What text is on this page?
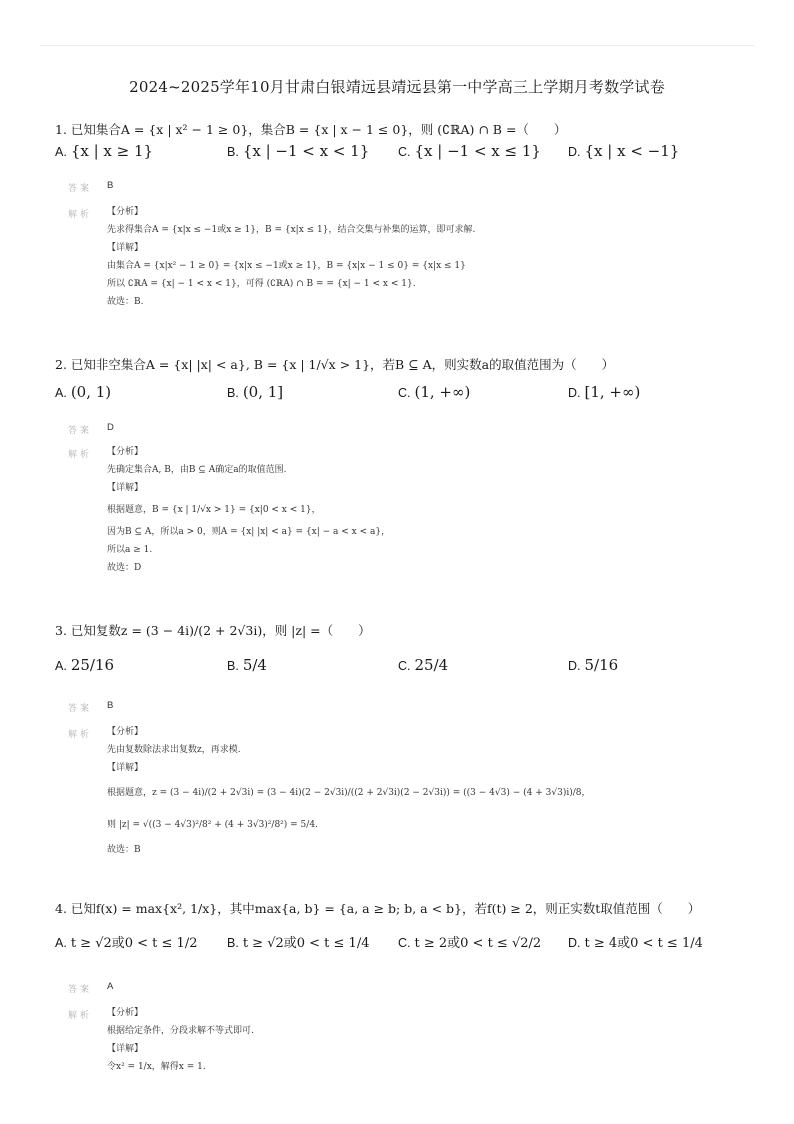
2024~2025学年10月甘肃白银靖远县靖远县第一中学高三上学期月考数学试卷
1. 已知集合A = {x | x² − 1 ≥ 0}，集合B = {x | x − 1 ≤ 0}，则 (∁ℝA) ∩ B =（　　）
A. {x | x ≥ 1}	B. {x | −1 < x < 1} C. {x | −1 < x ≤ 1} D. {x | x < −1}
答案 B
解析 【分析】
先求得集合A = {x|x ≤ −1或x ≥ 1}，B = {x|x ≤ 1}，结合交集与补集的运算，即可求解.
【详解】
由集合A = {x|x² − 1 ≥ 0} = {x|x ≤ −1或x ≥ 1}，B = {x|x − 1 ≤ 0} = {x|x ≤ 1}
所以 ∁ℝA = {x| − 1 < x < 1}，可得 (∁ℝA) ∩ B = = {x| − 1 < x < 1}.
故选：B.
2. 已知非空集合A = {x| |x| < a}, B = {x | 1/√x > 1}，若B ⊆ A，则实数a的取值范围为（　　）
A. (0, 1)	B. (0, 1]	C. (1, +∞)	D. [1, +∞)
答案 D
解析 【分析】
先确定集合A, B，由B ⊆ A确定a的取值范围.
【详解】
根据题意，B = {x | 1/√x > 1} = {x|0 < x < 1}，
因为B ⊆ A，所以a > 0，则A = {x| |x| < a} = {x| − a < x < a}，
所以a ≥ 1.
故选：D
3. 已知复数z = (3 − 4i)/(2 + 2√3i)，则 |z| =（　　）
A. 25/16	B. 5/4	C. 25/4	D. 5/16
答案 B
解析 【分析】
先由复数除法求出复数z，再求模.
【详解】
根据题意，z = (3 − 4i)/(2 + 2√3i) = (3 − 4i)(2 − 2√3i)/((2 + 2√3i)(2 − 2√3i)) = ((3 − 4√3) − (4 + 3√3)i)/8，
则 |z| = √((3 − 4√3)²/8² + (4 + 3√3)²/8²) = 5/4.
故选：B
4. 已知f(x) = max{x², 1/x}，其中max{a, b} = {a, a ≥ b; b, a < b}，若f(t) ≥ 2，则正实数t取值范围（　　）
A. t ≥ √2或0 < t ≤ 1/2 B. t ≥ √2或0 < t ≤ 1/4 C. t ≥ 2或0 < t ≤ √2/2 D. t ≥ 4或0 < t ≤ 1/4
答案 A
解析 【分析】
根据给定条件，分段求解不等式即可.
【详解】
令x² = 1/x，解得x = 1.
